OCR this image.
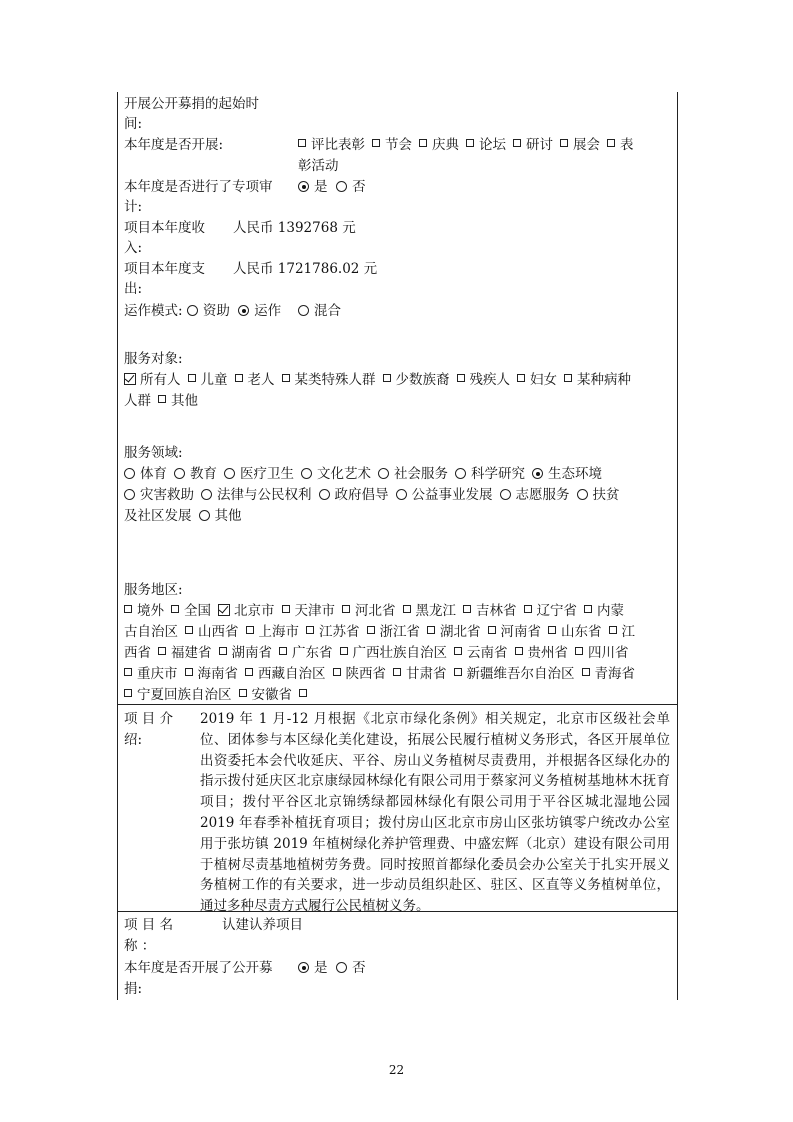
开展公开募捐的起始时
间:
本年度是否开展:	评比表彰 节会 庆典 论坛 研讨 展会 表
彰活动
本年度是否进行了专项审	是 否
计:
项目本年度收 人民币 1392768 元
入:
项目本年度支 人民币 1721786.02 元
出:
运作模式: 资助 运作 混合
服务对象:
所有人 儿童 老人 某类特殊人群 少数族裔 残疾人 妇女 某种病种
人群 其他
服务领域:
体育 教育 医疗卫生 文化艺术 社会服务 科学研究 生态环境
灾害救助 法律与公民权利 政府倡导 公益事业发展 志愿服务 扶贫
及社区发展 其他
服务地区:
境外 全国 北京市 天津市 河北省 黑龙江 吉林省 辽宁省 内蒙
古自治区 山西省 上海市 江苏省 浙江省 湖北省 河南省 山东省 江
西省 福建省 湖南省 广东省 广西壮族自治区 云南省 贵州省 四川省
重庆市 海南省 西藏自治区 陕西省 甘肃省 新疆维吾尔自治区 青海省
宁夏回族自治区 安徽省
项 目 介
绍:
2019 年 1 月-12 月根据《北京市绿化条例》相关规定，北京市区级社会单位、团体参与本区绿化美化建设，拓展公民履行植树义务形式，各区开展单位出资委托本会代收延庆、平谷、房山义务植树尽责费用，并根据各区绿化办的指示拨付延庆区北京康绿园林绿化有限公司用于蔡家河义务植树基地林木抚育项目；拨付平谷区北京锦绣绿都园林绿化有限公司用于平谷区城北湿地公园 2019 年春季补植抚育项目；拨付房山区北京市房山区张坊镇零户统改办公室用于张坊镇 2019 年植树绿化养护管理费、中盛宏辉（北京）建设有限公司用于植树尽责基地植树劳务费。同时按照首都绿化委员会办公室关于扎实开展义务植树工作的有关要求，进一步动员组织赴区、驻区、区直等义务植树单位，通过多种尽责方式履行公民植树义务。
项 目 名	认建认养项目
称 ：
本年度是否开展了公开募	是 否
捐:
22
